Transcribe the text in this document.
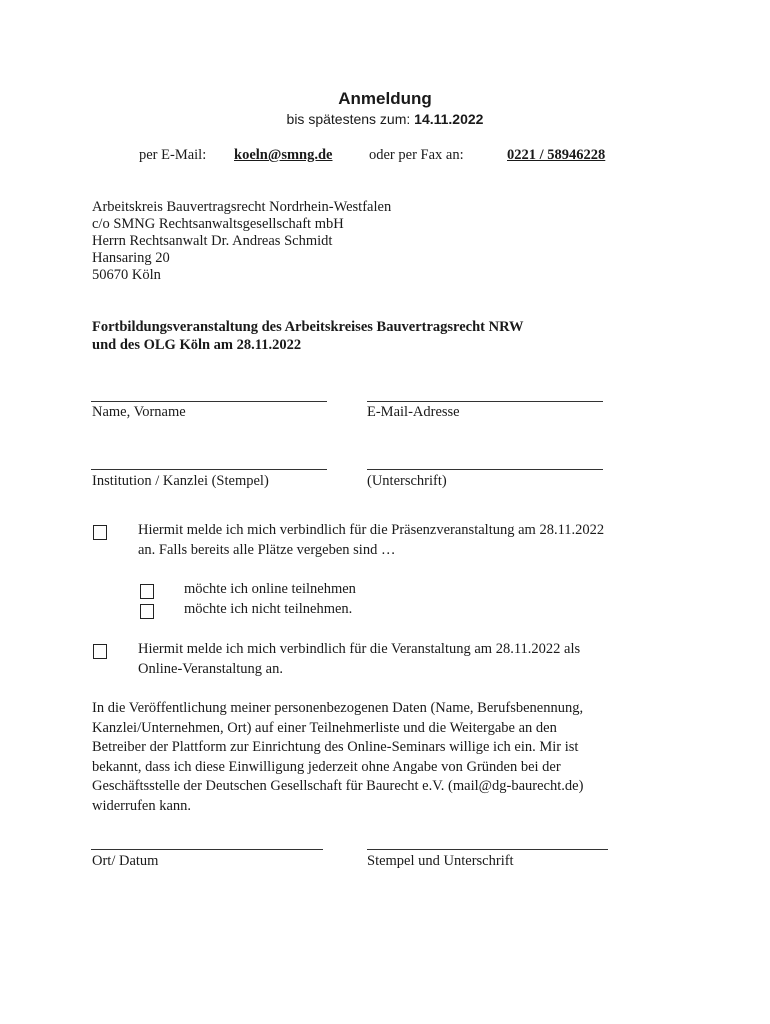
Anmeldung
bis spätestens zum: 14.11.2022
per E-Mail: koeln@smng.de	oder per Fax an:	0221 / 58946228
Arbeitskreis Bauvertragsrecht Nordrhein-Westfalen
c/o SMNG Rechtsanwaltsgesellschaft mbH
Herrn Rechtsanwalt Dr. Andreas Schmidt
Hansaring 20
50670 Köln
Fortbildungsveranstaltung des Arbeitskreises Bauvertragsrecht NRW
und des OLG Köln am 28.11.2022
Name, Vorname	E-Mail-Adresse
Institution / Kanzlei (Stempel)	(Unterschrift)
Hiermit melde ich mich verbindlich für die Präsenzveranstaltung am 28.11.2022
an. Falls bereits alle Plätze vergeben sind …
möchte ich online teilnehmen
möchte ich nicht teilnehmen.
Hiermit melde ich mich verbindlich für die Veranstaltung am 28.11.2022 als
Online-Veranstaltung an.
In die Veröffentlichung meiner personenbezogenen Daten (Name, Berufsbenennung,
Kanzlei/Unternehmen, Ort) auf einer Teilnehmerliste und die Weitergabe an den
Betreiber der Plattform zur Einrichtung des Online-Seminars willige ich ein. Mir ist
bekannt, dass ich diese Einwilligung jederzeit ohne Angabe von Gründen bei der
Geschäftsstelle der Deutschen Gesellschaft für Baurecht e.V. (mail@dg-baurecht.de)
widerrufen kann.
Ort/ Datum	Stempel und Unterschrift
